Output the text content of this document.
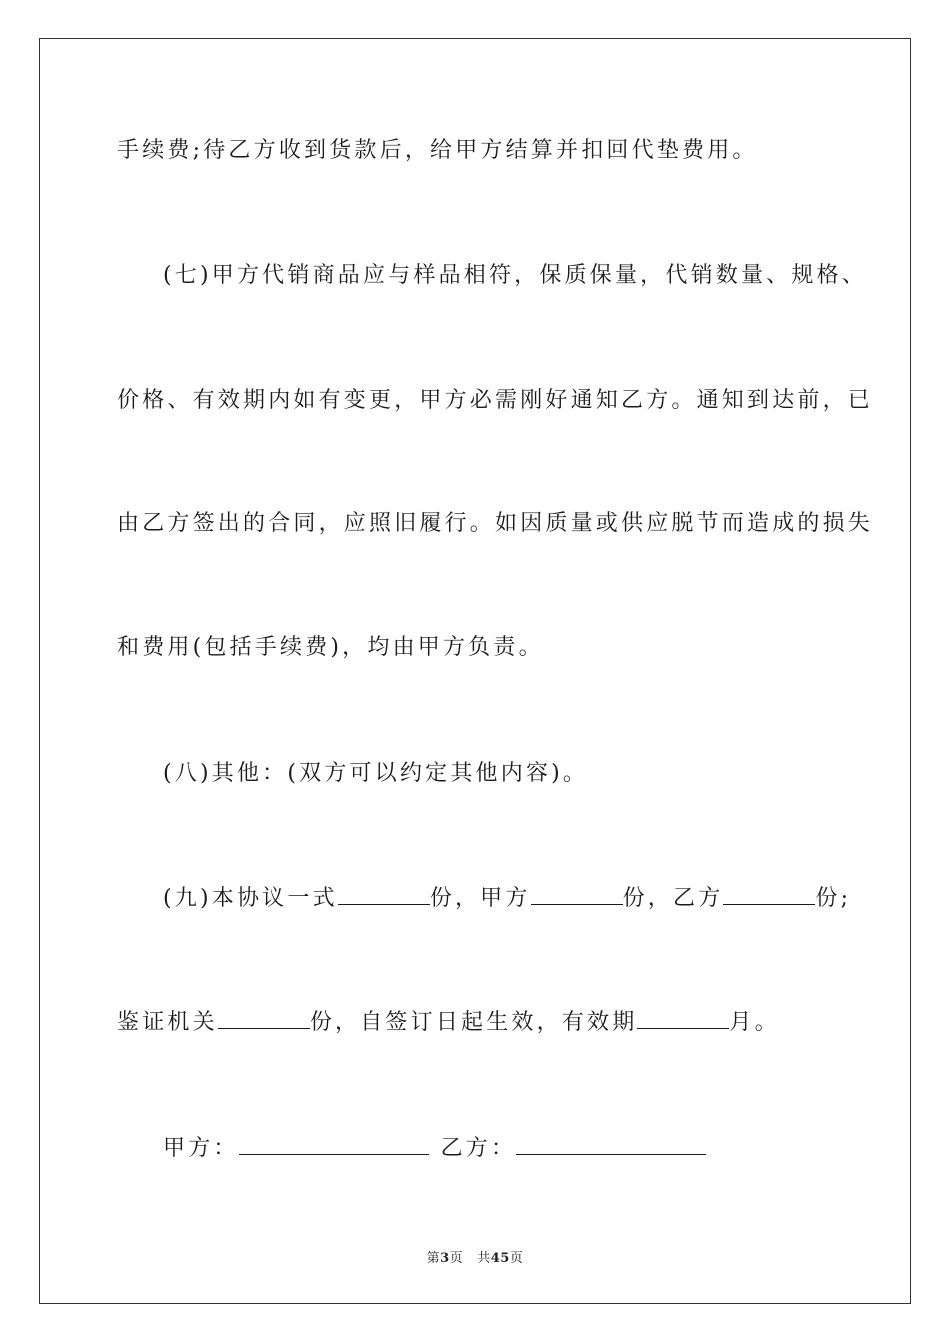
手续费;待乙方收到货款后，给甲方结算并扣回代垫费用。
(七)甲方代销商品应与样品相符，保质保量，代销数量、规格、
价格、有效期内如有变更，甲方必需刚好通知乙方。通知到达前，已
由乙方签出的合同，应照旧履行。如因质量或供应脱节而造成的损失
和费用(包括手续费)，均由甲方负责。
(八)其他：(双方可以约定其他内容)。
(九)本协议一式	份，甲方	份，乙方	份;
鉴证机关	份，自签订日起生效，有效期	月。
甲方：	乙方：
第3页 共45页
